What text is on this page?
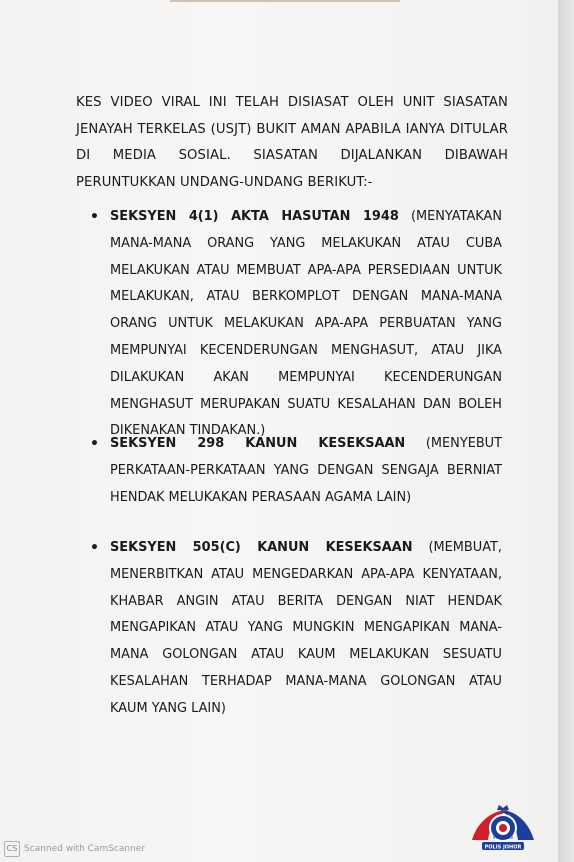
KES VIDEO VIRAL INI TELAH DISIASAT OLEH UNIT SIASATAN JENAYAH TERKELAS (USJT) BUKIT AMAN APABILA IANYA DITULAR DI MEDIA SOSIAL. SIASATAN DIJALANKAN DIBAWAH PERUNTUKKAN UNDANG-UNDANG BERIKUT:-
• SEKSYEN 4(1) AKTA HASUTAN 1948 (MENYATAKAN MANA-MANA ORANG YANG MELAKUKAN ATAU CUBA MELAKUKAN ATAU MEMBUAT APA-APA PERSEDIAAN UNTUK MELAKUKAN, ATAU BERKOMPLOT DENGAN MANA-MANA ORANG UNTUK MELAKUKAN APA-APA PERBUATAN YANG MEMPUNYAI KECENDERUNGAN MENGHASUT, ATAU JIKA DILAKUKAN AKAN MEMPUNYAI KECENDERUNGAN MENGHASUT MERUPAKAN SUATU KESALAHAN DAN BOLEH DIKENAKAN TINDAKAN.)
• SEKSYEN 298 KANUN KESEKSAAN (MENYEBUT PERKATAAN-PERKATAAN YANG DENGAN SENGAJA BERNIAT HENDAK MELUKAKAN PERASAAN AGAMA LAIN)
• SEKSYEN 505(C) KANUN KESEKSAAN (MEMBUAT, MENERBITKAN ATAU MENGEDARKAN APA-APA KENYATAAN, KHABAR ANGIN ATAU BERITA DENGAN NIAT HENDAK MENGAPIKAN ATAU YANG MUNGKIN MENGAPIKAN MANA-MANA GOLONGAN ATAU KAUM MELAKUKAN SESUATU KESALAHAN TERHADAP MANA-MANA GOLONGAN ATAU KAUM YANG LAIN)
CS Scanned with CamScanner
IPK JOHOR
POLIS JOHOR
